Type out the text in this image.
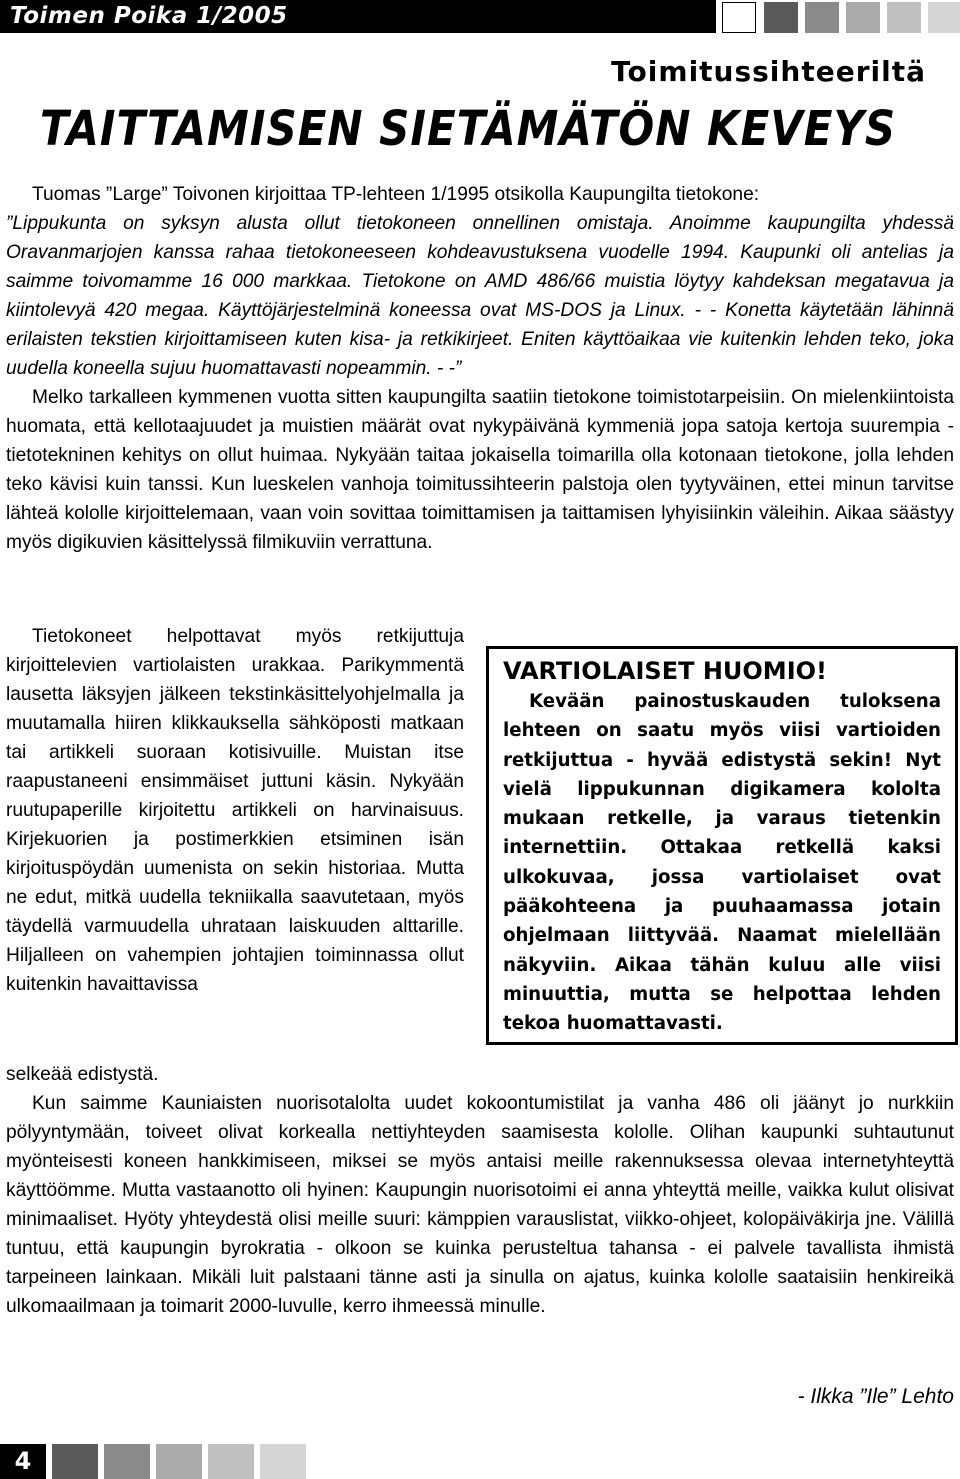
Toimen Poika 1/2005
Toimitussihteeriltä
TAITTAMISEN SIETÄMÄTÖN KEVEYS

Tuomas ”Large” Toivonen kirjoittaa TP-lehteen 1/1995 otsikolla Kaupungilta tietokone:

”Lippukunta on syksyn alusta ollut tietokoneen onnellinen omistaja. Anoimme kaupungilta yhdessä Oravanmarjojen kanssa rahaa tietokoneeseen kohdeavustuksena vuodelle 1994. Kaupunki oli antelias ja saimme toivomamme 16 000 markkaa. Tietokone on AMD 486/66 muistia löytyy kahdeksan megatavua ja kiintolevyä 420 megaa. Käyttöjärjestelminä koneessa ovat MS-DOS ja Linux. - - Konetta käytetään lähinnä erilaisten tekstien kirjoittamiseen kuten kisa- ja retkikirjeet. Eniten käyttöaikaa vie kuitenkin lehden teko, joka uudella koneella sujuu huomattavasti nopeammin. - -”

Melko tarkalleen kymmenen vuotta sitten kaupungilta saatiin tietokone toimistotarpeisiin. On mielenkiintoista huomata, että kellotaajuudet ja muistien määrät ovat nykypäivänä kymmeniä jopa satoja kertoja suurempia - tietotekninen kehitys on ollut huimaa. Nykyään taitaa jokaisella toimarilla olla kotonaan tietokone, jolla lehden teko kävisi kuin tanssi. Kun lueskelen vanhoja toimitussihteerin palstoja olen tyytyväinen, ettei minun tarvitse lähteä kololle kirjoittelemaan, vaan voin sovittaa toimittamisen ja taittamisen lyhyisiinkin väleihin. Aikaa säästyy myös digikuvien käsittelyssä filmikuviin verrattuna.

Tietokoneet helpottavat myös retkijuttuja kirjoittelevien vartiolaisten urakkaa. Parikymmentä lausetta läksyjen jälkeen tekstinkäsittelyohjelmalla ja muutamalla hiiren klikkauksella sähköposti matkaan tai artikkeli suoraan kotisivuille. Muistan itse raapustaneeni ensimmäiset juttuni käsin. Nykyään ruutupaperille kirjoitettu artikkeli on harvinaisuus. Kirjekuorien ja postimerkkien etsiminen isän kirjoituspöydän uumenista on sekin historiaa. Mutta ne edut, mitkä uudella tekniikalla saavutetaan, myös täydellä varmuudella uhrataan laiskuuden alttarille. Hiljalleen on vahempien johtajien toiminnassa ollut kuitenkin havaittavissa

selkeää edistystä.
VARTIOLAISET HUOMIO!

Kevään painostuskauden tuloksena lehteen on saatu myös viisi vartioiden retkijuttua - hyvää edistystä sekin! Nyt vielä lippukunnan digikamera kololta mukaan retkelle, ja varaus tietenkin internettiin. Ottakaa retkellä kaksi ulkokuvaa, jossa vartiolaiset ovat pääkohteena ja puuhaamassa jotain ohjelmaan liittyvää. Naamat mielellään näkyviin. Aikaa tähän kuluu alle viisi minuuttia, mutta se helpottaa lehden tekoa huomattavasti.

Kun saimme Kauniaisten nuorisotalolta uudet kokoontumistilat ja vanha 486 oli jäänyt jo nurkkiin pölyyntymään, toiveet olivat korkealla nettiyhteyden saamisesta kololle. Olihan kaupunki suhtautunut myönteisesti koneen hankkimiseen, miksei se myös antaisi meille rakennuksessa olevaa internetyhteyttä käyttöömme. Mutta vastaanotto oli hyinen: Kaupungin nuorisotoimi ei anna yhteyttä meille, vaikka kulut olisivat minimaaliset. Hyöty yhteydestä olisi meille suuri: kämppien varauslistat, viikko-ohjeet, kolopäiväkirja jne. Välillä tuntuu, että kaupungin byrokratia - olkoon se kuinka perusteltua tahansa - ei palvele tavallista ihmistä tarpeineen lainkaan. Mikäli luit palstaani tänne asti ja sinulla on ajatus, kuinka kololle saataisiin henkireikä ulkomaailmaan ja toimarit 2000-luvulle, kerro ihmeessä minulle.

- Ilkka ”Ile” Lehto
4
